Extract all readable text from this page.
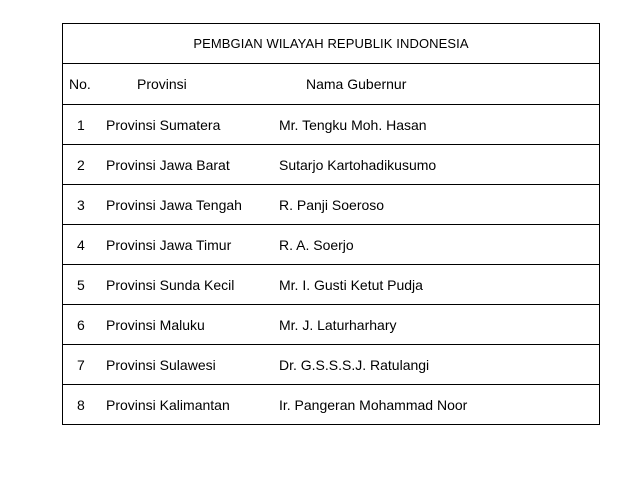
PEMBGIAN WILAYAH REPUBLIK INDONESIA
No.	Provinsi	Nama Gubernur
1 Provinsi Sumatera	Mr. Tengku Moh. Hasan
2 Provinsi Jawa Barat	Sutarjo Kartohadikusumo
3 Provinsi Jawa Tengah	R. Panji Soeroso
4 Provinsi Jawa Timur	R. A. Soerjo
5 Provinsi Sunda Kecil	Mr. I. Gusti Ketut Pudja
6 Provinsi Maluku	Mr. J. Laturharhary
7 Provinsi Sulawesi	Dr. G.S.S.S.J. Ratulangi
8 Provinsi Kalimantan	Ir. Pangeran Mohammad Noor
